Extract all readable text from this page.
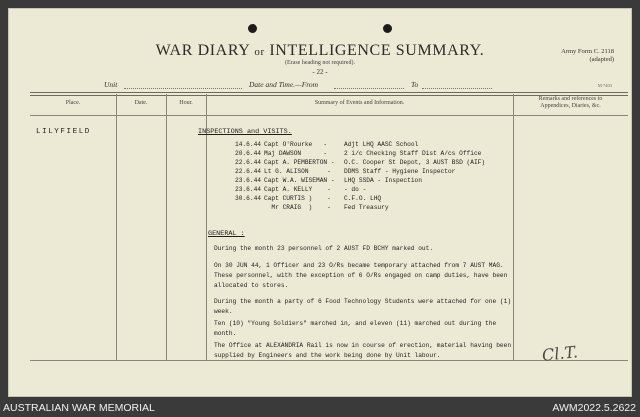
WAR DIARY or INTELLIGENCE SUMMARY.
(Erase heading not required).
- 22 -
Army Form C. 2118
(adapted)
Unit	Date and Time.—From	To	M 7403
Place.	Date.	Hour.	Summary of Events and Information.
Remarks and references to
Appendices, Diaries, &c.
LILYFIELD	INSPECTIONS and VISITS.
14.6.44 Capt O'Rourke   -	Adjt LHQ AASC School
20.6.44 Maj DAWSON      -	2 i/c Checking Staff Dist A/cs Office
22.6.44 Capt A. PEMBERTON - O.C. Cooper St Depot, 3 AUST BSD (AIF)
22.6.44 Lt G. ALISON     - DDMS Staff - Hygiene Inspector
23.6.44 Capt W.A. WISEMAN - LHQ SSDA - Inspection
23.6.44 Capt A. KELLY    - - do -
30.6.44 Capt CURTIS )    - C.F.O. LHQ
Mr CRAIG  )    - Fed Treasury
GENERAL :
During the month 23 personnel of 2 AUST FD BCHY marked out.
On 30 JUN 44, 1 Officer and 23 O/Rs became temporary attached from 7 AUST MAG. These personnel, with the exception of 6 O/Rs engaged on camp duties, have been allocated to stores.
During the month a party of 6 Food Technology Students were attached for one (1) week.
Ten (10) "Young Soldiers" marched in, and eleven (11) marched out during the month.
The Office at ALEXANDRIA Rail is now in course of erection, material having been supplied by Engineers and the work being done by Unit labour.	Cl.T.
AUSTRALIAN WAR MEMORIAL	AWM2022.5.2622
